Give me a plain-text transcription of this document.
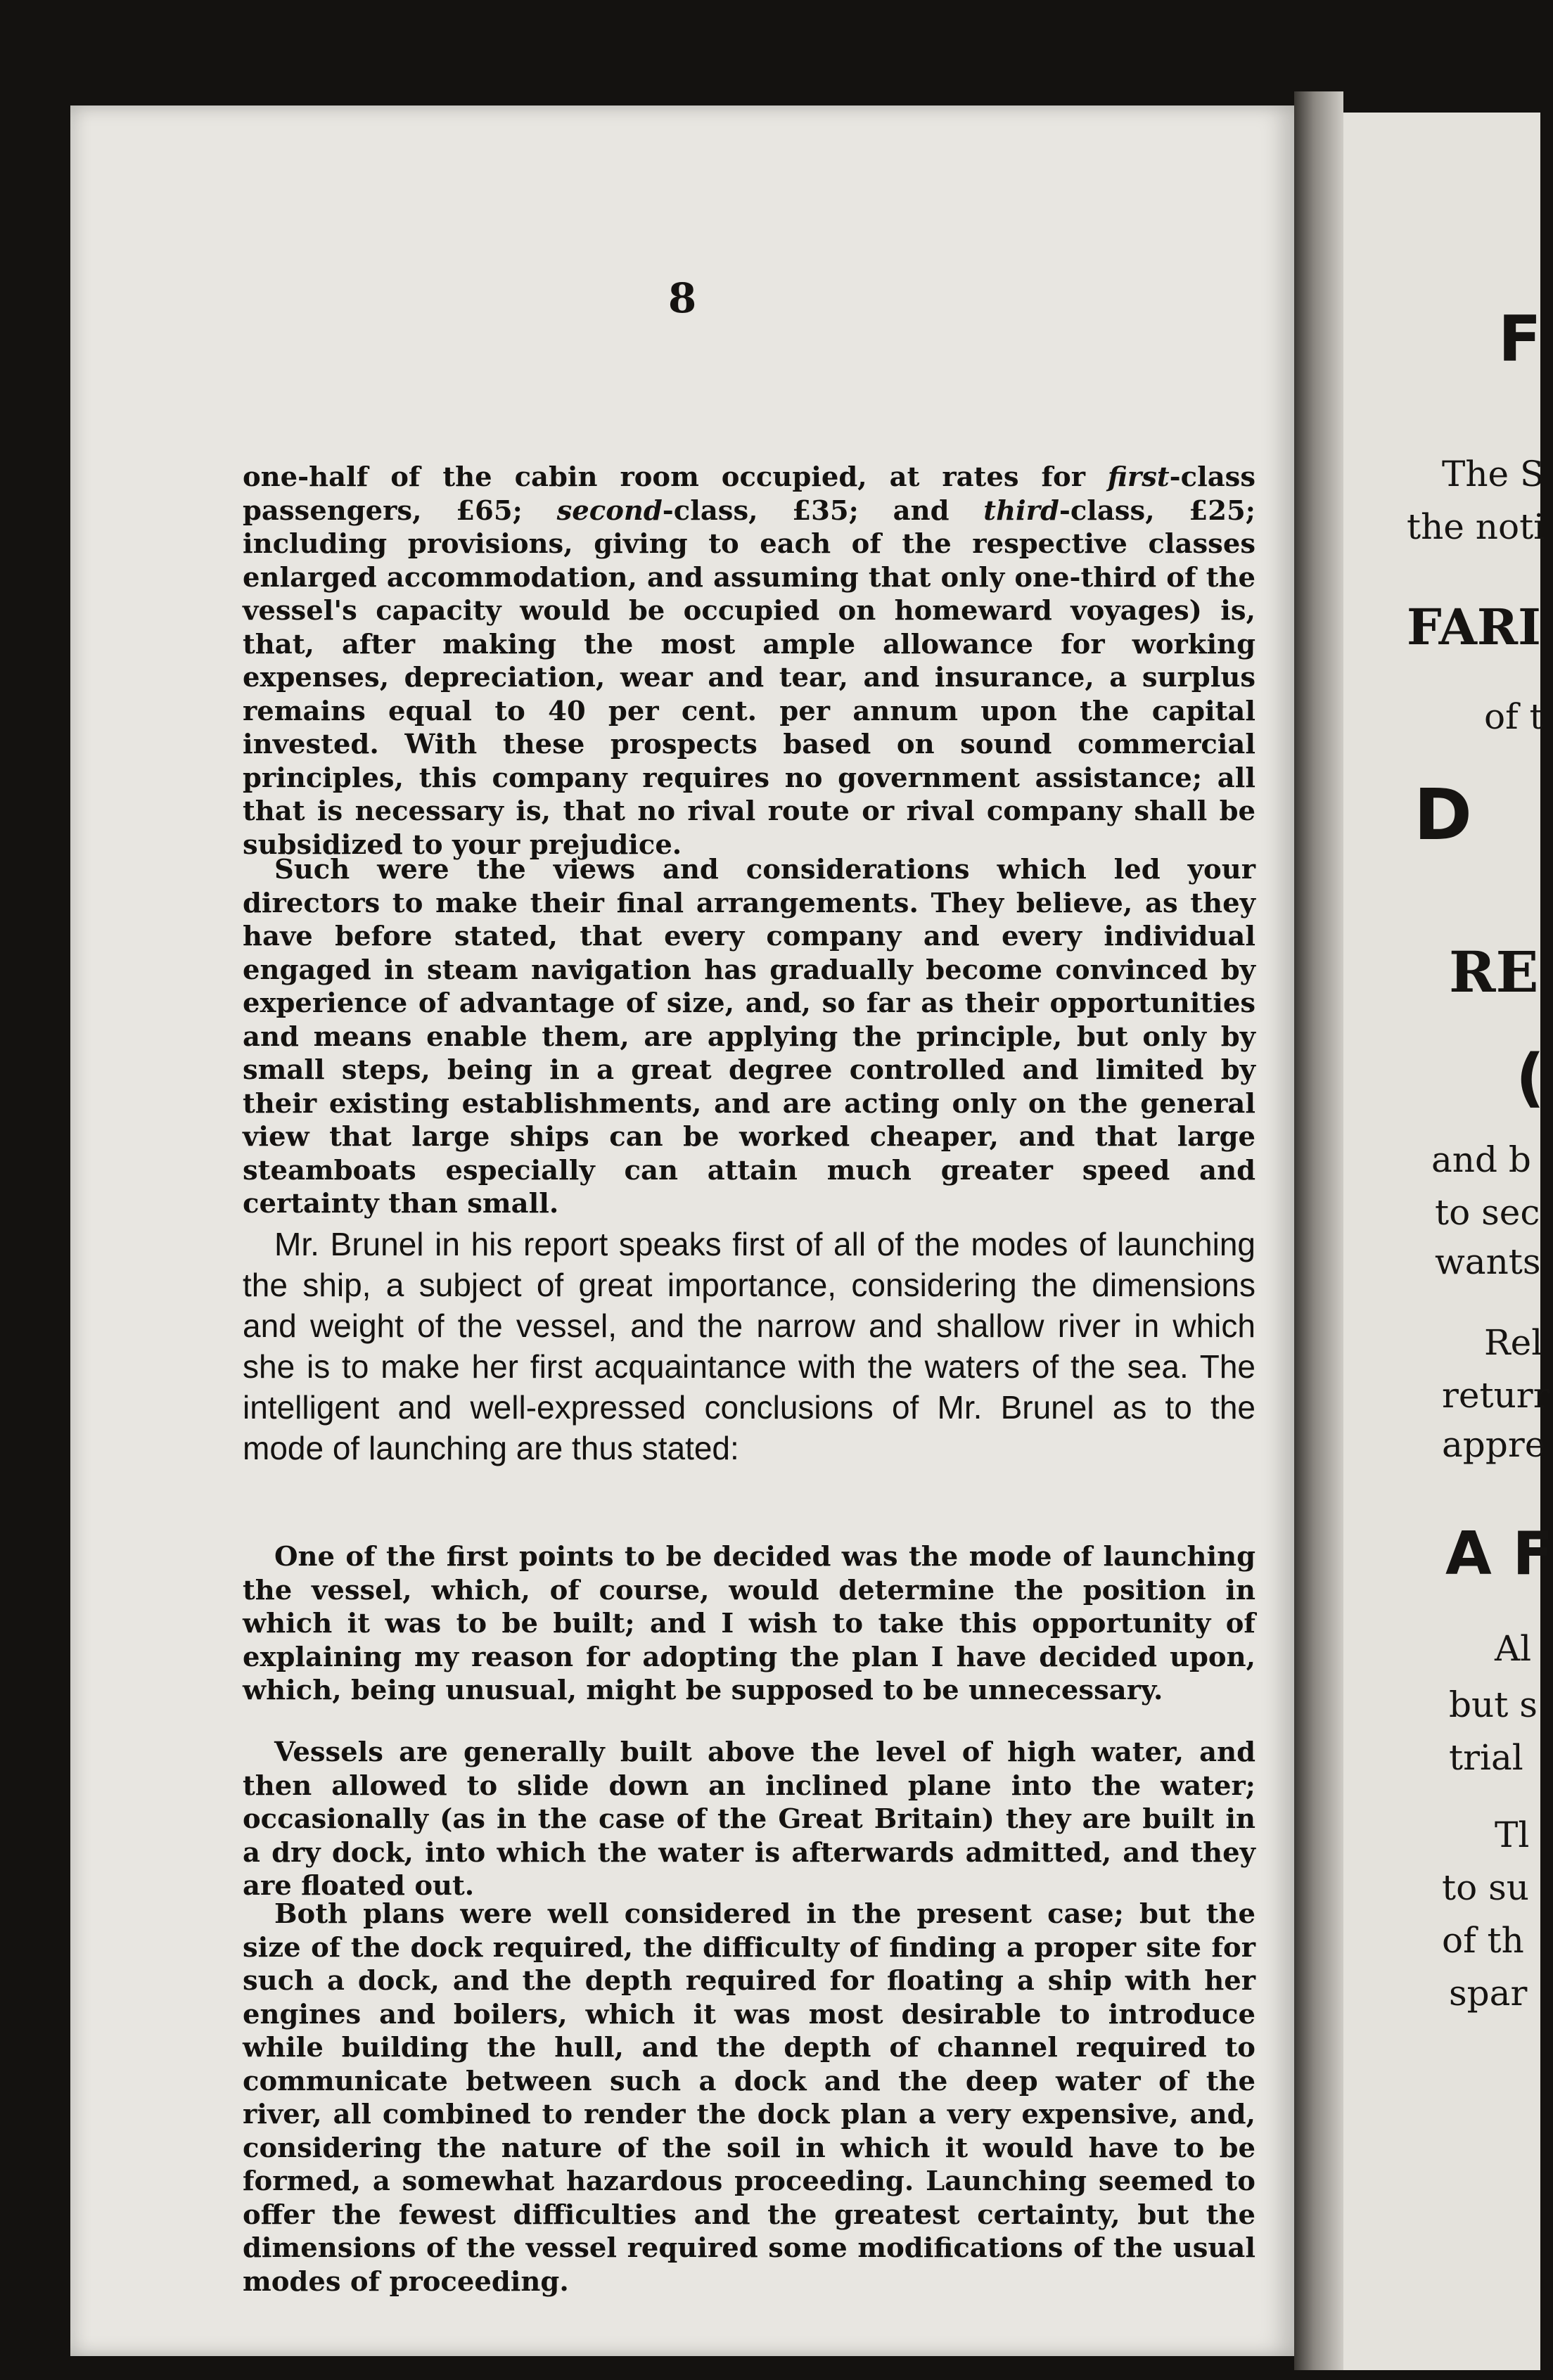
8

one-half of the cabin room occupied, at rates for first-class passengers, £65; second-class, £35; and third-class, £25; including provisions, giving to each of the respective classes enlarged accommodation, and assuming that only one-third of the vessel's capacity would be occupied on homeward voyages) is, that, after making the most ample allowance for working expenses, depreciation, wear and tear, and insurance, a surplus remains equal to 40 per cent. per annum upon the capital invested. With these prospects based on sound commercial principles, this company requires no government assistance; all that is necessary is, that no rival route or rival company shall be subsidized to your prejudice.

Such were the views and considerations which led your directors to make their final arrangements. They believe, as they have before stated, that every company and every individual engaged in steam navigation has gradually become convinced by experience of advantage of size, and, so far as their opportunities and means enable them, are applying the principle, but only by small steps, being in a great degree controlled and limited by their existing establishments, and are acting only on the general view that large ships can be worked cheaper, and that large steamboats especially can attain much greater speed and certainty than small.

Mr. Brunel in his report speaks first of all of the modes of launching the ship, a subject of great importance, considering the dimensions and weight of the vessel, and the narrow and shallow river in which she is to make her first acquaintance with the waters of the sea. The intelligent and well-expressed conclusions of Mr. Brunel as to the mode of launching are thus stated:

One of the first points to be decided was the mode of launching the vessel, which, of course, would determine the position in which it was to be built; and I wish to take this opportunity of explaining my reason for adopting the plan I have decided upon, which, being unusual, might be supposed to be unnecessary.

Vessels are generally built above the level of high water, and then allowed to slide down an inclined plane into the water; occasionally (as in the case of the Great Britain) they are built in a dry dock, into which the water is afterwards admitted, and they are floated out.

Both plans were well considered in the present case; but the size of the dock required, the difficulty of finding a proper site for such a dock, and the depth required for floating a ship with her engines and boilers, which it was most desirable to introduce while building the hull, and the depth of channel required to communicate between such a dock and the deep water of the river, all combined to render the dock plan a very expensive, and, considering the nature of the soil in which it would have to be formed, a somewhat hazardous proceeding. Launching seemed to offer the fewest difficulties and the greatest certainty, but the dimensions of the vessel required some modifications of the usual modes of proceeding.

F
The S
the noti
FARI
of t
D
RE
(
and b
to sec
wants
Rel
returr
appre
A F
Al
but s
trial
Tl
to su
of th
spar
